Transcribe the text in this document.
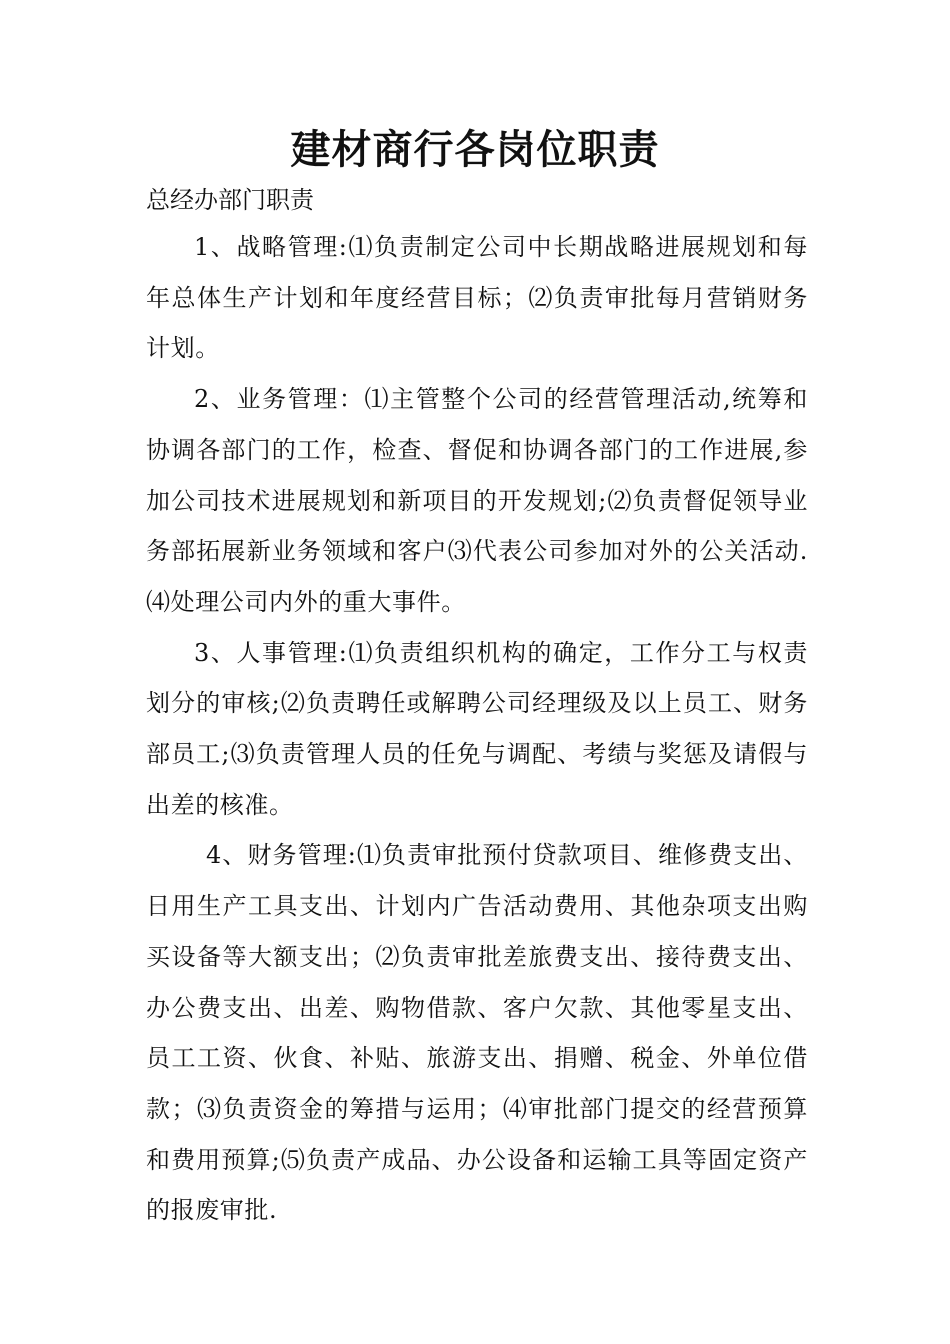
建材商行各岗位职责
总经办部门职责

1、战略管理:⑴负责制定公司中长期战略进展规划和每年总体生产计划和年度经营目标；⑵负责审批每月营销财务计划。

2、业务管理：⑴主管整个公司的经营管理活动,统筹和协调各部门的工作，检查、督促和协调各部门的工作进展,参加公司技术进展规划和新项目的开发规划;⑵负责督促领导业务部拓展新业务领域和客户⑶代表公司参加对外的公关活动.⑷处理公司内外的重大事件。

3、人事管理:⑴负责组织机构的确定，工作分工与权责划分的审核;⑵负责聘任或解聘公司经理级及以上员工、财务部员工;⑶负责管理人员的任免与调配、考绩与奖惩及请假与出差的核准。

4、财务管理:⑴负责审批预付贷款项目、维修费支出、日用生产工具支出、计划内广告活动费用、其他杂项支出购买设备等大额支出；⑵负责审批差旅费支出、接待费支出、办公费支出、出差、购物借款、客户欠款、其他零星支出、员工工资、伙食、补贴、旅游支出、捐赠、税金、外单位借款；⑶负责资金的筹措与运用；⑷审批部门提交的经营预算和费用预算;⑸负责产成品、办公设备和运输工具等固定资产的报废审批.
